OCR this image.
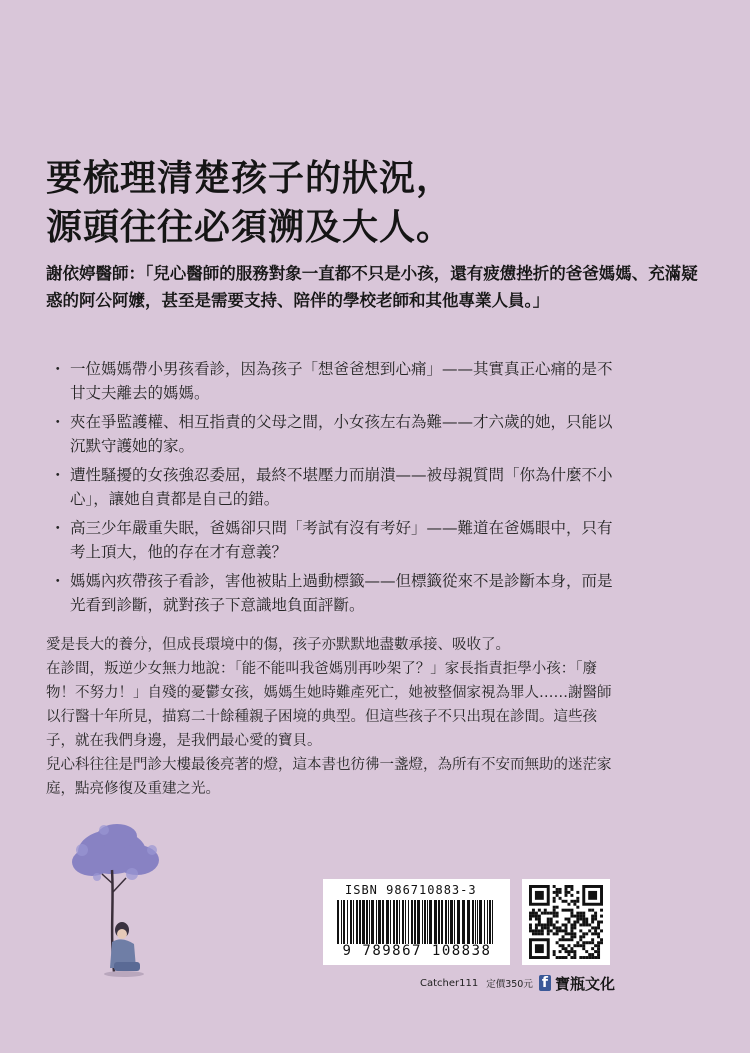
要梳理清楚孩子的狀況，
源頭往往必須溯及大人。
謝依婷醫師：「兒心醫師的服務對象一直都不只是小孩，還有疲憊挫折的爸爸媽媽、充滿疑惑的阿公阿嬤，甚至是需要支持、陪伴的學校老師和其他專業人員。」
・ 一位媽媽帶小男孩看診，因為孩子「想爸爸想到心痛」——其實真正心痛的是不甘丈夫離去的媽媽。
・ 夾在爭監護權、相互指責的父母之間，小女孩左右為難——才六歲的她，只能以沉默守護她的家。
・ 遭性騷擾的女孩強忍委屈，最終不堪壓力而崩潰——被母親質問「你為什麼不小心」，讓她自責都是自己的錯。
・ 高三少年嚴重失眠，爸媽卻只問「考試有沒有考好」——難道在爸媽眼中，只有考上頂大，他的存在才有意義？
・ 媽媽內疚帶孩子看診，害他被貼上過動標籤——但標籤從來不是診斷本身，而是光看到診斷，就對孩子下意識地負面評斷。

愛是長大的養分，但成長環境中的傷，孩子亦默默地盡數承接、吸收了。

在診間，叛逆少女無力地說：「能不能叫我爸媽別再吵架了？」家長指責拒學小孩：「廢物！不努力！」自殘的憂鬱女孩，媽媽生她時難產死亡，她被整個家視為罪人……謝醫師以行醫十年所見，描寫二十餘種親子困境的典型。但這些孩子不只出現在診間。這些孩子，就在我們身邊，是我們最心愛的寶貝。

兒心科往往是門診大樓最後亮著的燈，這本書也彷彿一盞燈，為所有不安而無助的迷茫家庭，點亮修復及重建之光。

ISBN 986710883-3
9 789867 108838
Catcher111 定價350元 f 寶瓶文化
